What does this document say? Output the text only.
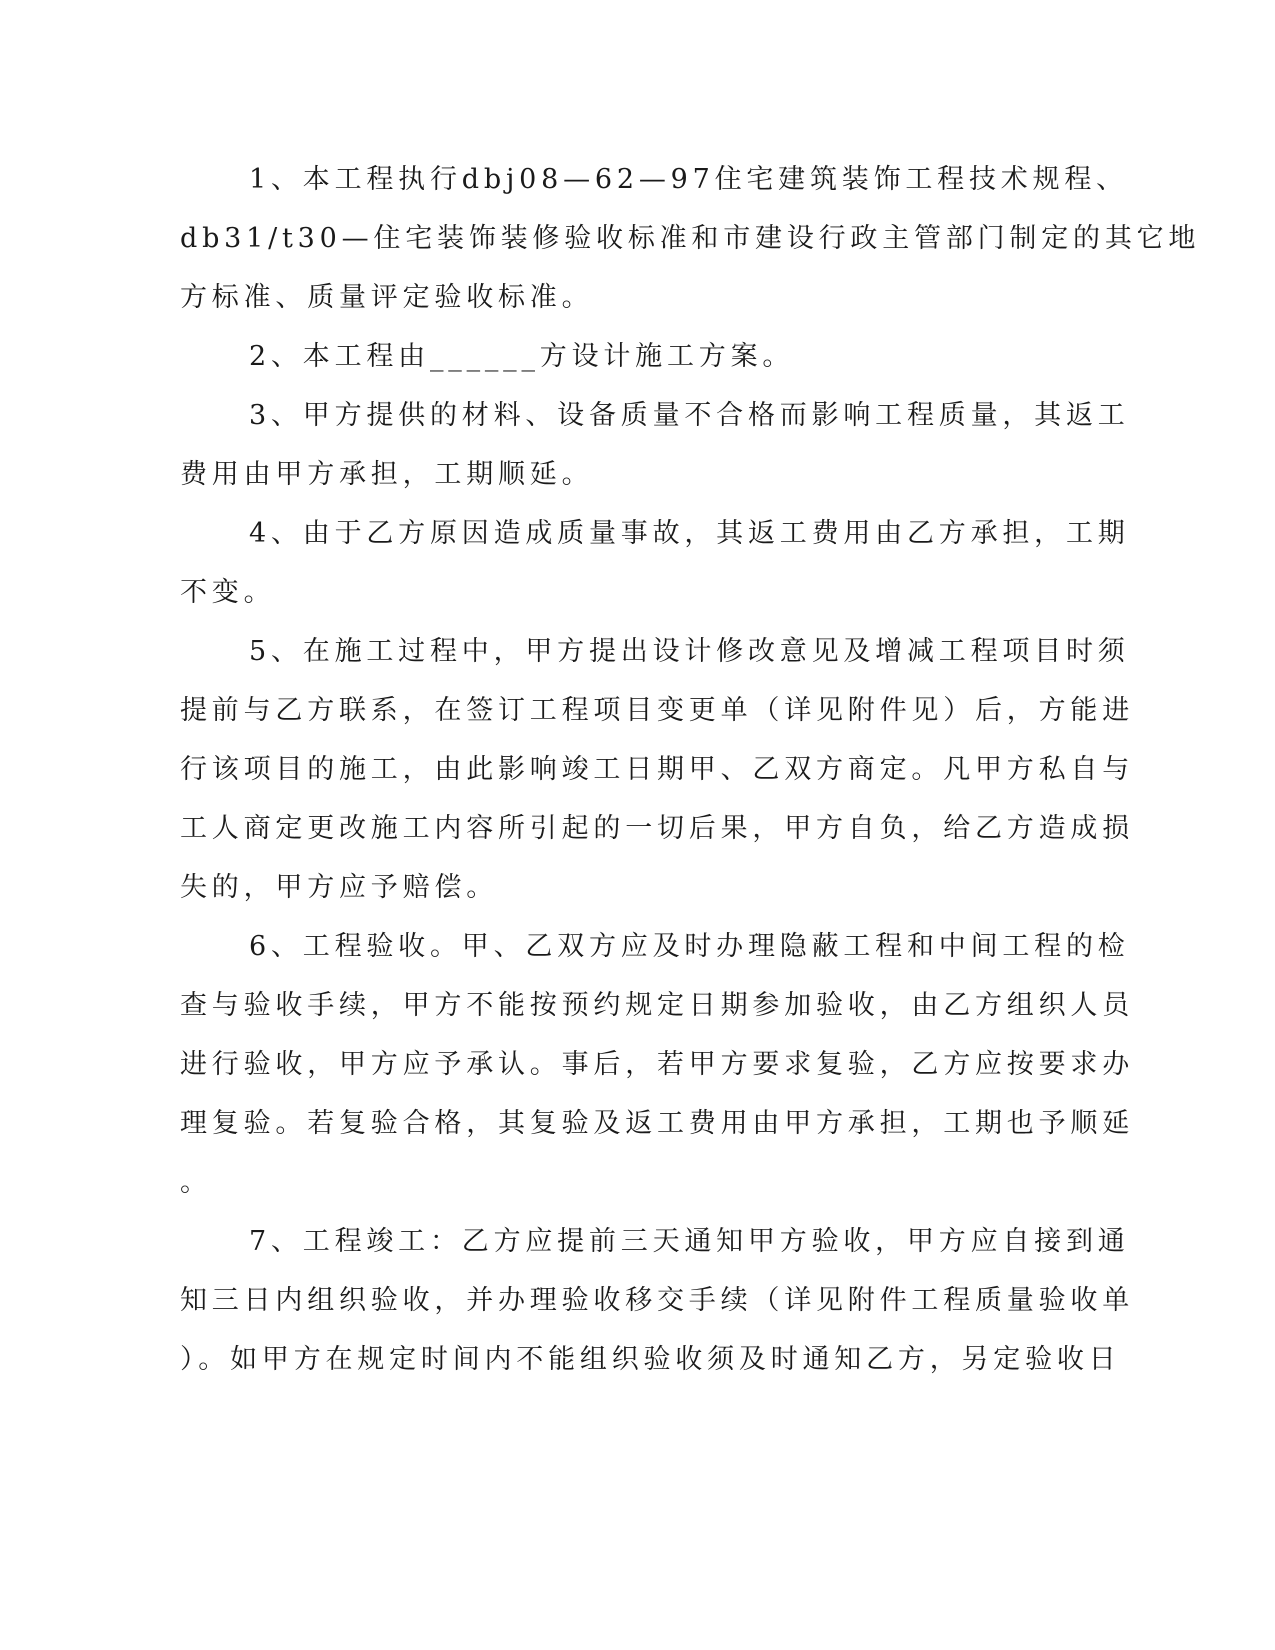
1、本工程执行dbj08—62—97住宅建筑装饰工程技术规程、
db31/t30—住宅装饰装修验收标准和市建设行政主管部门制定的其它地
方标准、质量评定验收标准。
2、本工程由______方设计施工方案。
3、甲方提供的材料、设备质量不合格而影响工程质量，其返工
费用由甲方承担，工期顺延。
4、由于乙方原因造成质量事故，其返工费用由乙方承担，工期
不变。
5、在施工过程中，甲方提出设计修改意见及增减工程项目时须
提前与乙方联系，在签订工程项目变更单（详见附件见）后，方能进
行该项目的施工，由此影响竣工日期甲、乙双方商定。凡甲方私自与
工人商定更改施工内容所引起的一切后果，甲方自负，给乙方造成损
失的，甲方应予赔偿。
6、工程验收。甲、乙双方应及时办理隐蔽工程和中间工程的检
查与验收手续，甲方不能按预约规定日期参加验收，由乙方组织人员
进行验收，甲方应予承认。事后，若甲方要求复验，乙方应按要求办
理复验。若复验合格，其复验及返工费用由甲方承担，工期也予顺延
。
7、工程竣工：乙方应提前三天通知甲方验收，甲方应自接到通
知三日内组织验收，并办理验收移交手续（详见附件工程质量验收单
）。如甲方在规定时间内不能组织验收须及时通知乙方，另定验收日
